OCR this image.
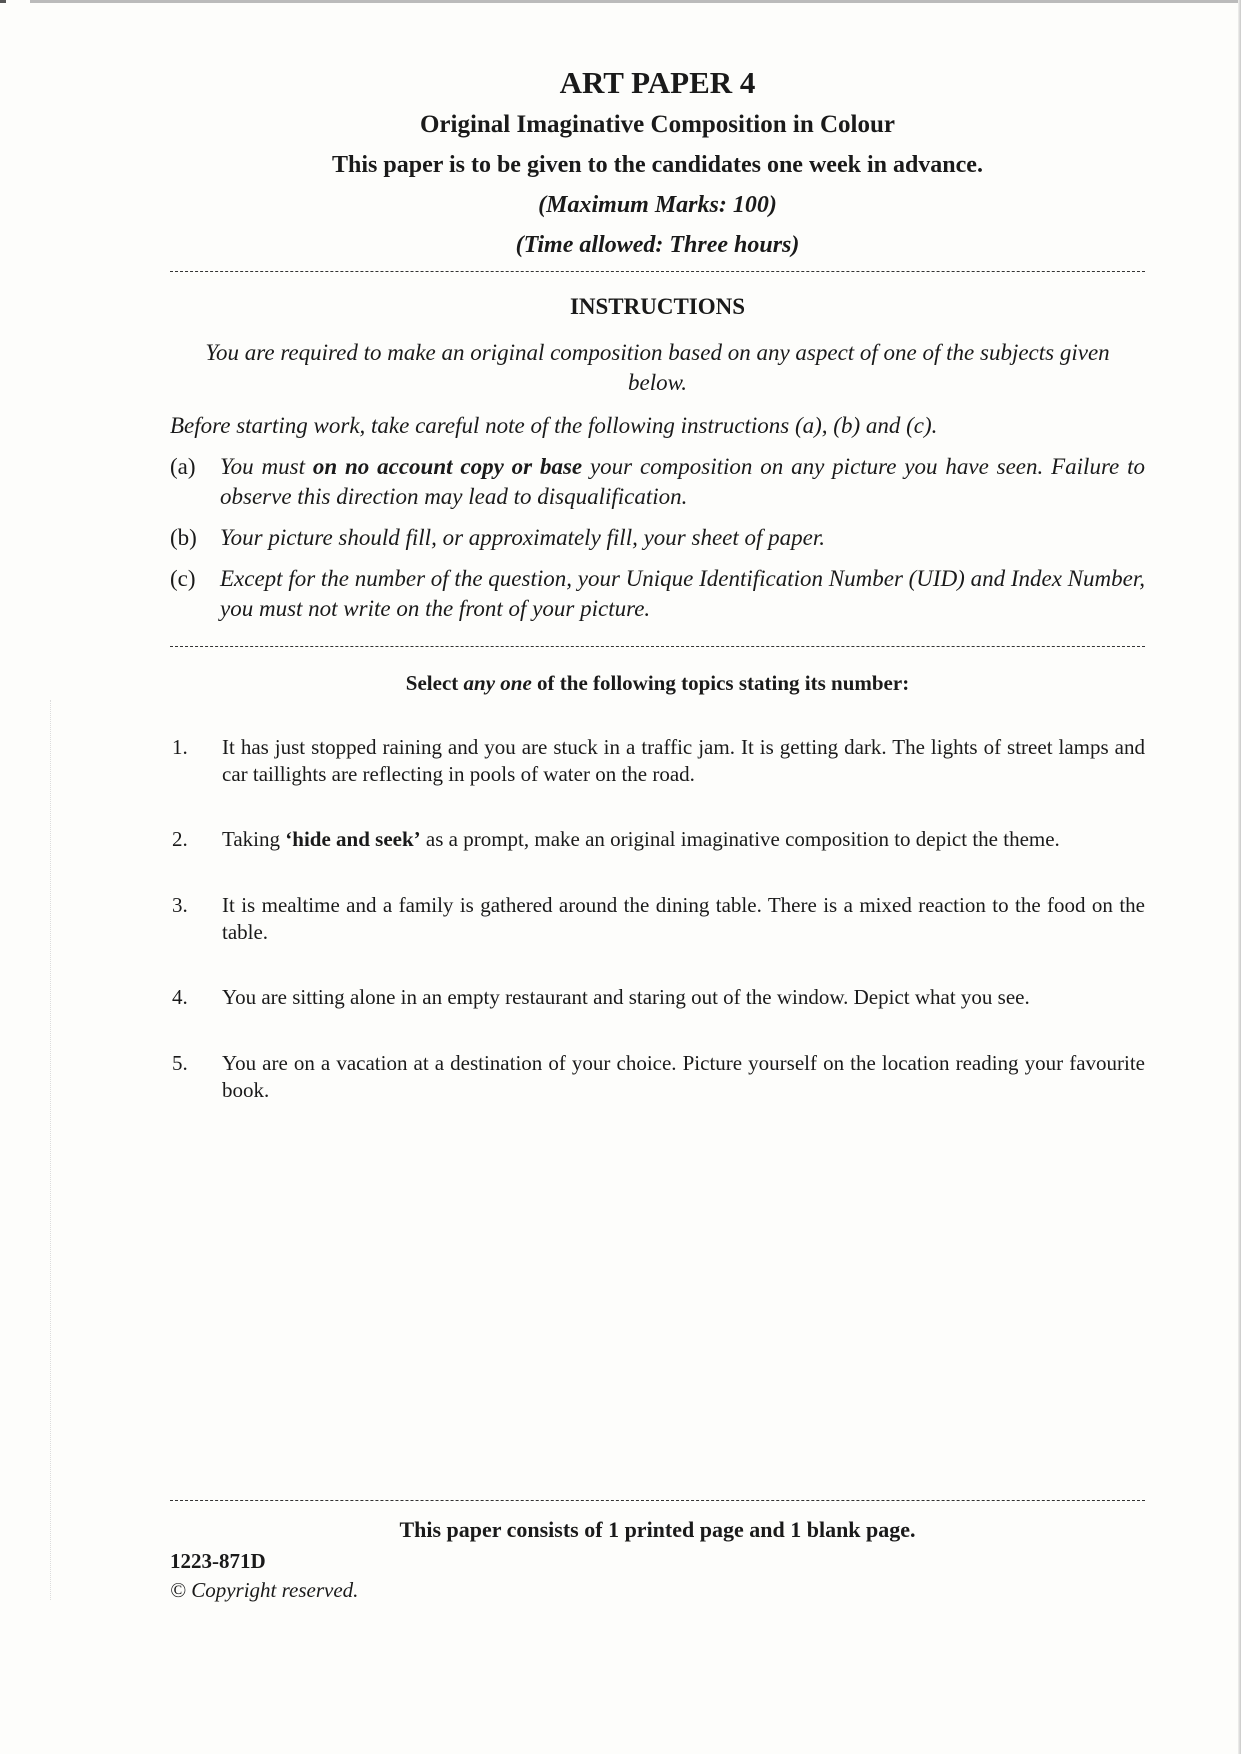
ART PAPER 4
Original Imaginative Composition in Colour
This paper is to be given to the candidates one week in advance.
(Maximum Marks: 100)
(Time allowed: Three hours)
INSTRUCTIONS
You are required to make an original composition based on any aspect of one of the subjects given below.
Before starting work, take careful note of the following instructions (a), (b) and (c).
(a)	You must on no account copy or base your composition on any picture you have seen. Failure to observe this direction may lead to disqualification.
(b)	Your picture should fill, or approximately fill, your sheet of paper.
(c)	Except for the number of the question, your Unique Identification Number (UID) and Index Number, you must not write on the front of your picture.
Select any one of the following topics stating its number:
1.	It has just stopped raining and you are stuck in a traffic jam. It is getting dark. The lights of street lamps and car taillights are reflecting in pools of water on the road.
2.	Taking ‘hide and seek’ as a prompt, make an original imaginative composition to depict the theme.
3.	It is mealtime and a family is gathered around the dining table. There is a mixed reaction to the food on the table.
4.	You are sitting alone in an empty restaurant and staring out of the window. Depict what you see.
5.	You are on a vacation at a destination of your choice. Picture yourself on the location reading your favourite book.
This paper consists of 1 printed page and 1 blank page.
1223-871D
© Copyright reserved.
